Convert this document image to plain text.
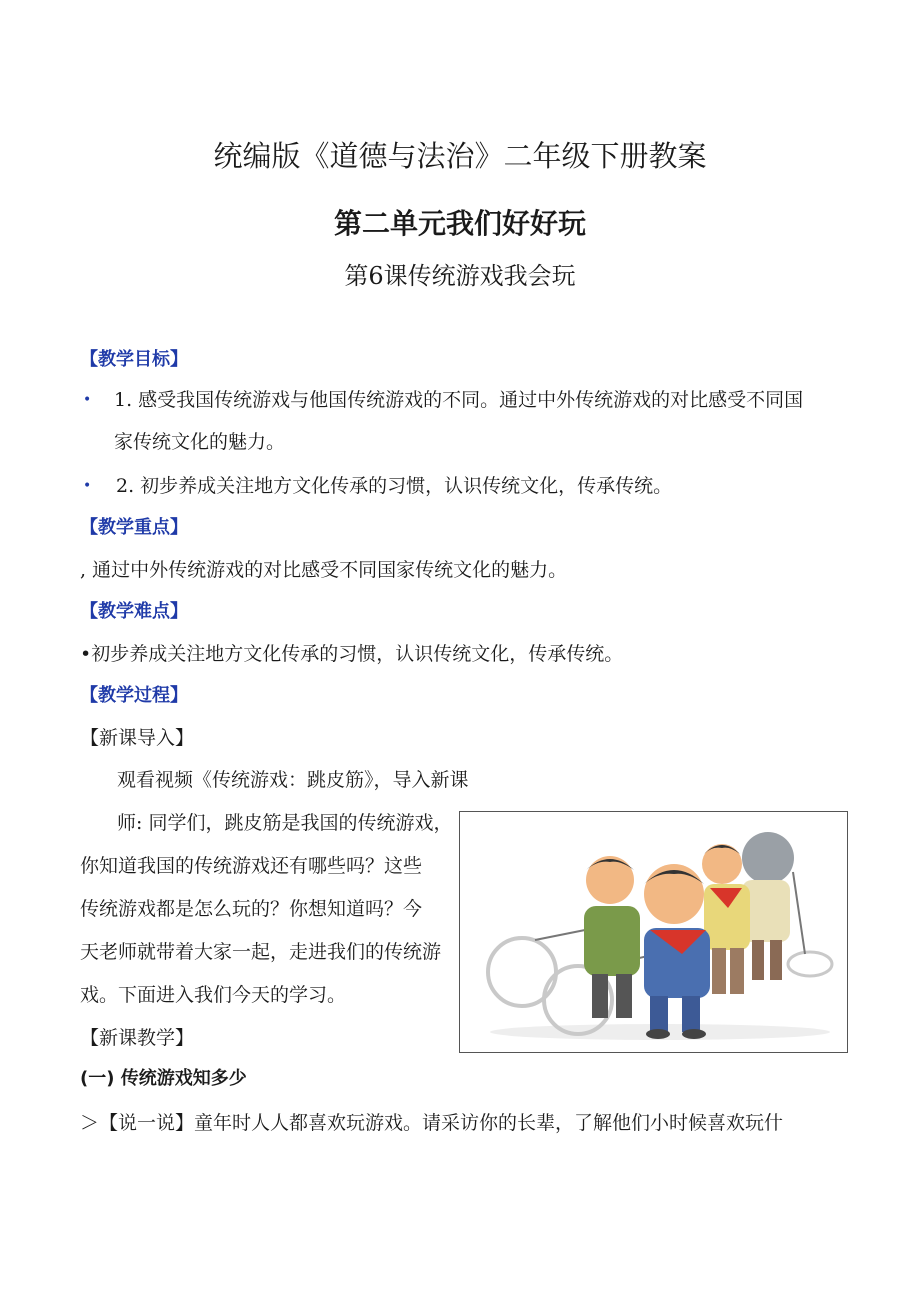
统编版《道德与法治》二年级下册教案
第二单元我们好好玩
第6课传统游戏我会玩
【教学目标】
• 1. 感受我国传统游戏与他国传统游戏的不同。通过中外传统游戏的对比感受不同国
家传统文化的魅力。
• 2. 初步养成关注地方文化传承的习惯，认识传统文化，传承传统。
【教学重点】
, 通过中外传统游戏的对比感受不同国家传统文化的魅力。
【教学难点】
•初步养成关注地方文化传承的习惯，认识传统文化，传承传统。
【教学过程】
【新课导入】
观看视频《传统游戏：跳皮筋》，导入新课
师: 同学们，跳皮筋是我国的传统游戏，
你知道我国的传统游戏还有哪些吗？这些
传统游戏都是怎么玩的？你想知道吗？今
天老师就带着大家一起，走进我们的传统游
戏。下面进入我们今天的学习。
【新课教学】
(一) 传统游戏知多少
＞【说一说】童年时人人都喜欢玩游戏。请采访你的长辈，了解他们小时候喜欢玩什
